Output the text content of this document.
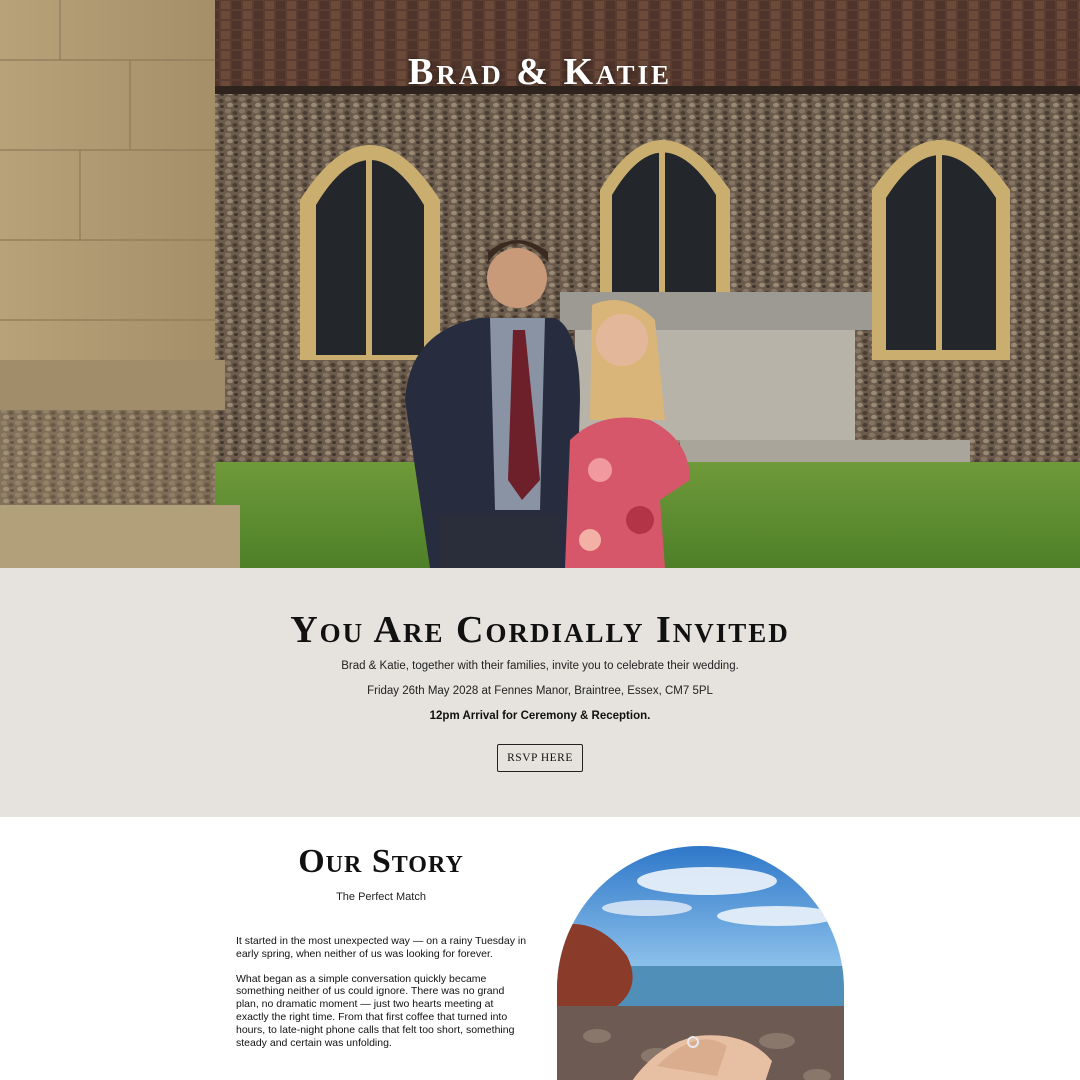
Brad & Katie
You Are Cordially Invited

Brad & Katie, together with their families, invite you to celebrate their wedding.

Friday 26th May 2028 at Fennes Manor, Braintree, Essex, CM7 5PL

12pm Arrival for Ceremony & Reception.

RSVP HERE
Our Story

The Perfect Match

It started in the most unexpected way — on a rainy Tuesday in early spring, when neither of us was looking for forever.

What began as a simple conversation quickly became something neither of us could ignore. There was no grand plan, no dramatic moment — just two hearts meeting at exactly the right time. From that first coffee that turned into hours, to late-night phone calls that felt too short, something steady and certain was unfolding.
